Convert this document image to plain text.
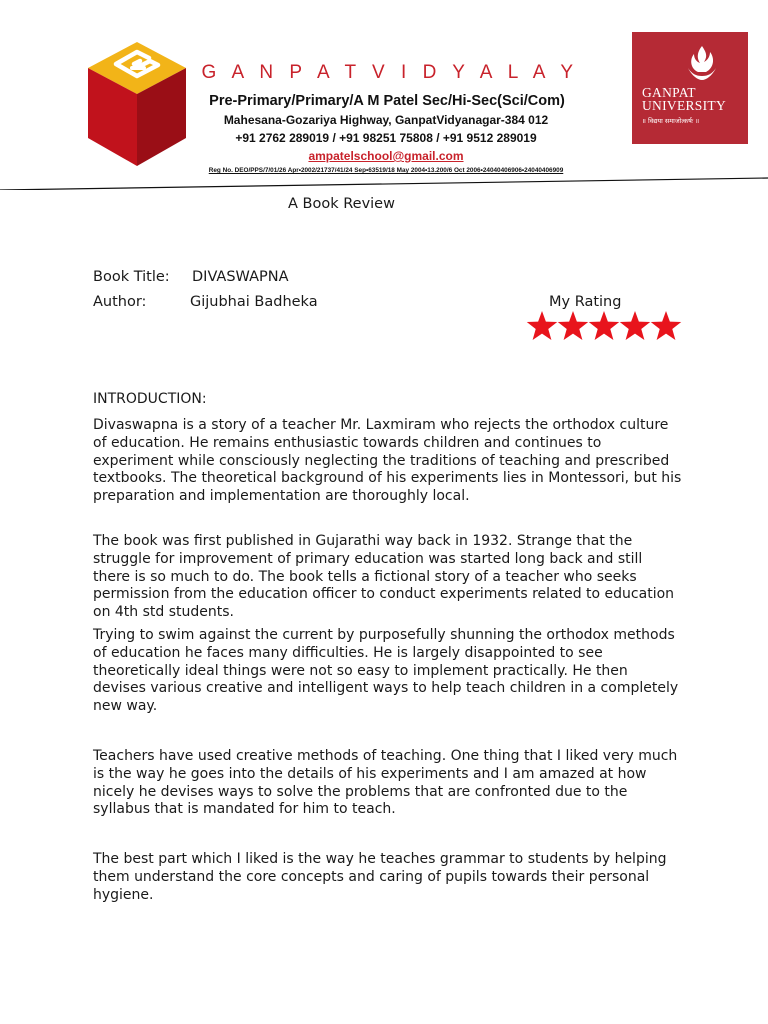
G A N P A T V I D Y A L A Y
Pre-Primary/Primary/A M Patel Sec/Hi-Sec(Sci/Com)
Mahesana-Gozariya Highway, GanpatVidyanagar-384 012
+91 2762 289019 / +91 98251 75808 / +91 9512 289019
ampatelschool@gmail.com
Reg No. DEO/PPS/7/01/26 Apr•2002/21737/41/24 Sep•63519/18 May 2004•13.200/6 Oct 2006•24040406906•24040406909
GANPAT
UNIVERSITY
॥ विद्यया समाजोत्कर्षः ॥
A Book Review
Book Title: DIVASWAPNA
Author:	Gijubhai Badheka	My Rating
INTRODUCTION:
Divaswapna is a story of a teacher Mr. Laxmiram who rejects the orthodox culture of education. He remains enthusiastic towards children and continues to experiment while consciously neglecting the traditions of teaching and prescribed textbooks. The theoretical background of his experiments lies in Montessori, but his preparation and implementation are thoroughly local.
The book was first published in Gujarathi way back in 1932. Strange that the struggle for improvement of primary education was started long back and still there is so much to do. The book tells a fictional story of a teacher who seeks permission from the education officer to conduct experiments related to education on 4th std students.
Trying to swim against the current by purposefully shunning the orthodox methods of education he faces many difficulties. He is largely disappointed to see theoretically ideal things were not so easy to implement practically. He then devises various creative and intelligent ways to help teach children in a completely new way.
Teachers have used creative methods of teaching. One thing that I liked very much is the way he goes into the details of his experiments and I am amazed at how nicely he devises ways to solve the problems that are confronted due to the syllabus that is mandated for him to teach.
The best part which I liked is the way he teaches grammar to students by helping them understand the core concepts and caring of pupils towards their personal hygiene.
